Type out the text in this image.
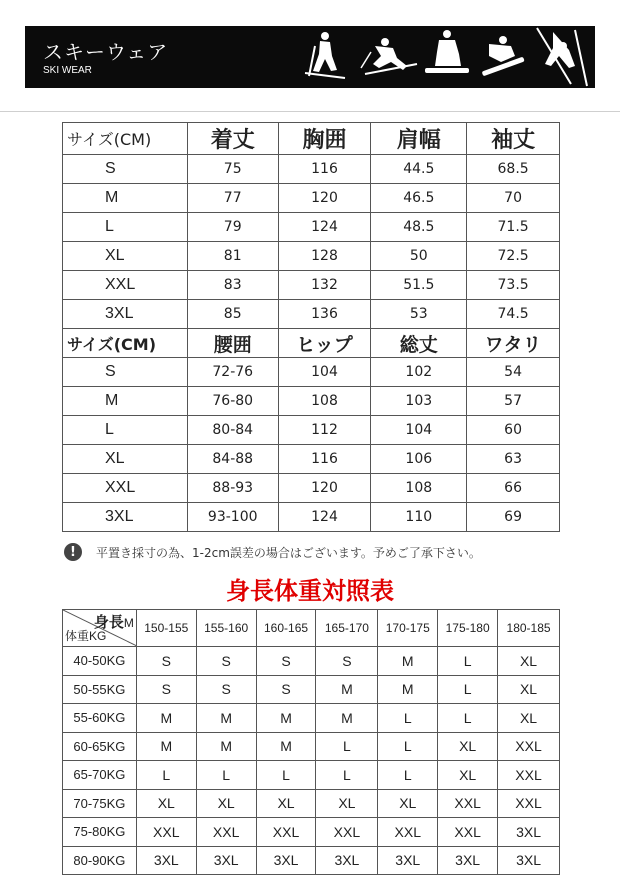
スキーウェア
SKI WEAR
サイズ(CM)	着丈	胸囲	肩幅	袖丈
S	75	116	44.5	68.5
M	77	120	46.5	70
L	79	124	48.5	71.5
XL	81	128	50	72.5
XXL	83	132	51.5	73.5
3XL	85	136	53	74.5
サイズ(CM)	腰囲	ヒップ	総丈	ワタリ
S	72-76	104	102	54
M	76-80	108	103	57
L	80-84	112	104	60
XL	84-88	116	106	63
XXL	88-93	120	108	66
3XL	93-100	124	110	69
!	平置き採寸の為、1-2cm誤差の場合はございます。予めご了承下さい。
身長体重対照表
身長M
体重KG	150-155	155-160	160-165	165-170	170-175	175-180	180-185
40-50KG	S	S	S	S	M	L	XL
50-55KG	S	S	S	M	M	L	XL
55-60KG	M	M	M	M	L	L	XL
60-65KG	M	M	M	L	L	XL	XXL
65-70KG	L	L	L	L	L	XL	XXL
70-75KG	XL	XL	XL	XL	XL	XXL	XXL
75-80KG	XXL	XXL	XXL	XXL	XXL	XXL	3XL
80-90KG	3XL	3XL	3XL	3XL	3XL	3XL	3XL
